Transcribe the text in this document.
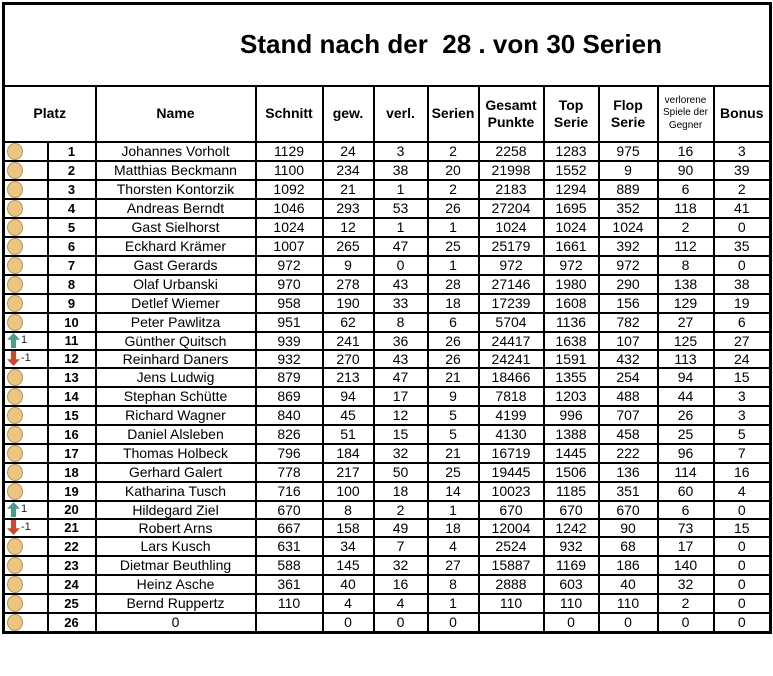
Stand nach der  28 . von 30 Serien											
Platz		Name	Schnitt	gew.	verl.	Serien	Gesamt Punkte	Top Serie	Flop Serie	verlorene Spiele der Gegner	Bonus
	1	Johannes Vorholt	1129	24	3	2	2258	1283	975	16	3
	2	Matthias Beckmann	1100	234	38	20	21998	1552	9	90	39
	3	Thorsten Kontorzik	1092	21	1	2	2183	1294	889	6	2
	4	Andreas Berndt	1046	293	53	26	27204	1695	352	118	41
	5	Gast Sielhorst	1024	12	1	1	1024	1024	1024	2	0
	6	Eckhard Krämer	1007	265	47	25	25179	1661	392	112	35
	7	Gast Gerards	972	9	0	1	972	972	972	8	0
	8	Olaf Urbanski	970	278	43	28	27146	1980	290	138	38
	9	Detlef Wiemer	958	190	33	18	17239	1608	156	129	19
	10	Peter Pawlitza	951	62	8	6	5704	1136	782	27	6
1	11	Günther Quitsch	939	241	36	26	24417	1638	107	125	27
-1	12	Reinhard Daners	932	270	43	26	24241	1591	432	113	24
	13	Jens Ludwig	879	213	47	21	18466	1355	254	94	15
	14	Stephan Schütte	869	94	17	9	7818	1203	488	44	3
	15	Richard Wagner	840	45	12	5	4199	996	707	26	3
	16	Daniel Alsleben	826	51	15	5	4130	1388	458	25	5
	17	Thomas Holbeck	796	184	32	21	16719	1445	222	96	7
	18	Gerhard Galert	778	217	50	25	19445	1506	136	114	16
	19	Katharina Tusch	716	100	18	14	10023	1185	351	60	4
1	20	Hildegard Ziel	670	8	2	1	670	670	670	6	0
-1	21	Robert Arns	667	158	49	18	12004	1242	90	73	15
	22	Lars Kusch	631	34	7	4	2524	932	68	17	0
	23	Dietmar Beuthling	588	145	32	27	15887	1169	186	140	0
	24	Heinz Asche	361	40	16	8	2888	603	40	32	0
	25	Bernd Ruppertz	110	4	4	1	110	110	110	2	0
	26	0		0	0	0		0	0	0	0
